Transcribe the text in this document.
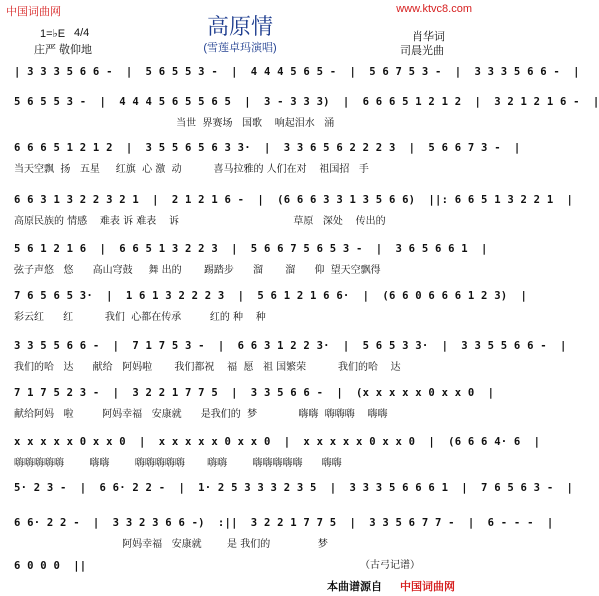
中国词曲网	www.ktvc8.com
高原情
(雪莲卓玛演唱)
1=♭E 4/4
庄严 敬仰地
肖华词
司晨光曲
| 3 3 3 5 6 6 -  |  5 6 5 5 3 -  |  4 4 4 5 6 5 -  |  5 6 7 5 3 -  |  3 3 3 5 6 6 -  |
5 6 5 5 3 -  |  4 4 4 5 6 5 5 6 5  |  3 - 3 3 3)  |  6 6 6 5 1 2 1 2  |  3 2 1 2 1 6 -  |
当世  界赛场   国歌    响起泪水   涌
6 6 6 5 1 2 1 2  |  3 5 5 6 5 6 3 3·  |  3 3 6 5 6 2 2 2 3  |  5 6 6 7 3 -  |
当天空飘  扬   五星     红旗  心 激  动          喜马拉雅的 人们在对    祖国招   手
6 6 3 1 3 2 2 3 2 1  |  2 1 2 1 6 -  |  (6 6 6 3 3 1 3 5 6 6)  ||: 6 6 5 1 3 2 2 1  |
高原民族的 情感    难表 诉 难表    诉                                    草原   深处    传出的
5 6 1 2 1 6  |  6 6 5 1 3 2 2 3  |  5 6 6 7 5 6 5 3 -  |  3 6 5 6 6 1  |
弦子声悠   悠      高山穹鼓     舞 出的       踢踏步      溜       溜      仰  望天空飘得
7 6 5 6 5 3·  |  1 6 1 3 2 2 2 3  |  5 6 1 2 1 6 6·  |  (6 6 0 6 6 6 1 2 3)  |
彩云红      红          我们  心都在传承         红的 种    种
3 3 5 5 6 6 -  |  7 1 7 5 3 -  |  6 6 3 1 2 2 3·  |  5 6 5 3 3·  |  3 3 5 5 6 6 -  |
我们的哈   达      献给   阿妈啦       我们都祝    福  愿   祖 国繁荣          我们的哈    达
7 1 7 5 2 3 -  |  3 2 2 1 7 7 5  |  3 3 5 6 6 -  |  (x x x x x 0 x x 0  |
献给阿妈   啦         阿妈幸福   安康就      是我们的  梦             嗨嗨  嗨嗨嗨    嗨嗨
x x x x x 0 x x 0  |  x x x x x 0 x x 0  |  x x x x x 0 x x 0  |  (6 6 6 4· 6  |
嗨嗨嗨嗨嗨        嗨嗨        嗨嗨嗨嗨嗨       嗨嗨        嗨嗨嗨嗨嗨      嗨嗨
5· 2 3 -  |  6 6· 2 2 -  |  1· 2 5 3 3 3 2 3 5  |  3 3 3 5 6 6 6 1  |  7 6 5 6 3 -  |
6 6· 2 2 -  |  3 3 2 3 6 6 -)  :||  3 2 2 1 7 7 5  |  3 3 5 6 7 7 -  |  6 - - -  |
阿妈幸福   安康就        是 我们的               梦
6 0 0 0  ||	（古弓记谱）
本曲谱源自 中国词曲网
